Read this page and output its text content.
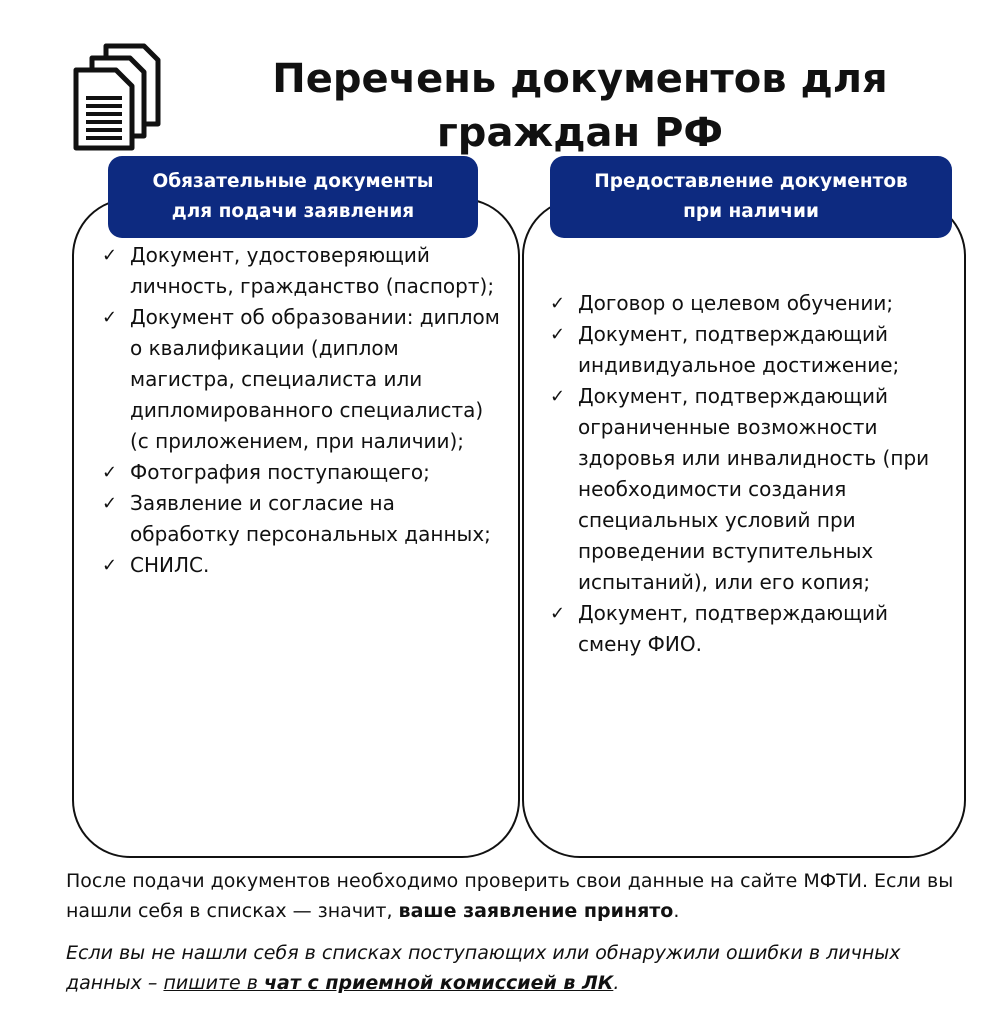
Перечень документов для
граждан РФ
Обязательные документы
для подачи заявления
✓ Документ, удостоверяющий личность, гражданство (паспорт);
✓ Документ об образовании: диплом о квалификации (диплом магистра, специалиста или дипломированного специалиста) (с приложением, при наличии);
✓ Фотография поступающего;
✓ Заявление и согласие на обработку персональных данных;
✓ СНИЛС.
Предоставление документов
при наличии
✓ Договор о целевом обучении;
✓ Документ, подтверждающий индивидуальное достижение;
✓ Документ, подтверждающий ограниченные возможности здоровья или инвалидность (при необходимости создания специальных условий при проведении вступительных испытаний), или его копия;
✓ Документ, подтверждающий смену ФИО.

После подачи документов необходимо проверить свои данные на сайте МФТИ. Если вы нашли себя в списках — значит, ваше заявление принято.

Если вы не нашли себя в списках поступающих или обнаружили ошибки в личных данных – пишите в чат с приемной комиссией в ЛК.
